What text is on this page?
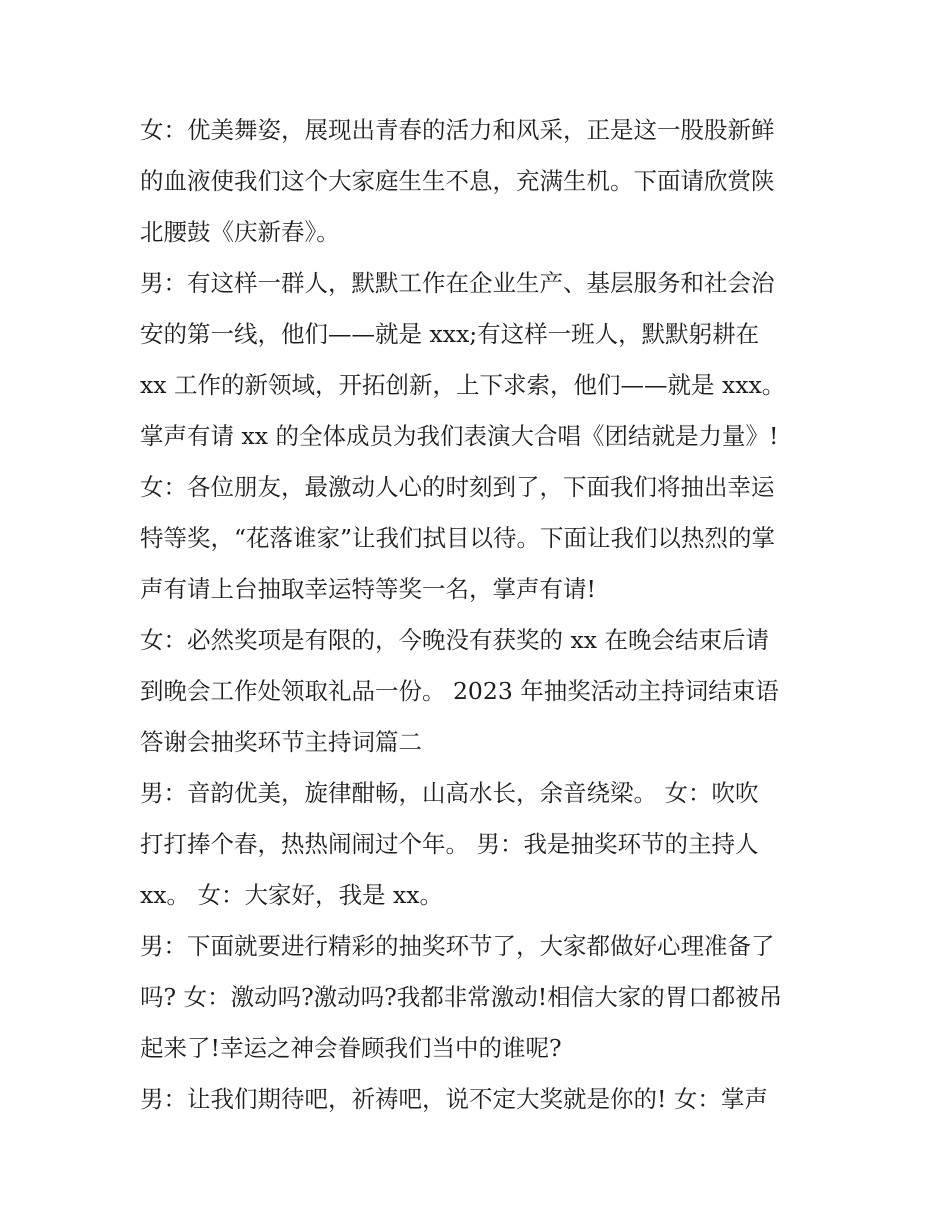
女：优美舞姿，展现出青春的活力和风采，正是这一股股新鲜
的血液使我们这个大家庭生生不息，充满生机。下面请欣赏陕
北腰鼓《庆新春》。
男：有这样一群人，默默工作在企业生产、基层服务和社会治
安的第一线，他们——就是 xxx;有这样一班人，默默躬耕在
xx 工作的新领域，开拓创新，上下求索，他们——就是 xxx。
掌声有请 xx 的全体成员为我们表演大合唱《团结就是力量》!
女：各位朋友，最激动人心的时刻到了，下面我们将抽出幸运
特等奖，“花落谁家”让我们拭目以待。下面让我们以热烈的掌
声有请上台抽取幸运特等奖一名，掌声有请!
女：必然奖项是有限的，今晚没有获奖的 xx 在晚会结束后请
到晚会工作处领取礼品一份。 2023 年抽奖活动主持词结束语
答谢会抽奖环节主持词篇二
男：音韵优美，旋律酣畅，山高水长，余音绕梁。 女：吹吹
打打捧个春，热热闹闹过个年。 男：我是抽奖环节的主持人
xx。 女：大家好，我是 xx。
男：下面就要进行精彩的抽奖环节了，大家都做好心理准备了
吗? 女：激动吗?激动吗?我都非常激动!相信大家的胃口都被吊
起来了!幸运之神会眷顾我们当中的谁呢?
男：让我们期待吧，祈祷吧，说不定大奖就是你的! 女：掌声
